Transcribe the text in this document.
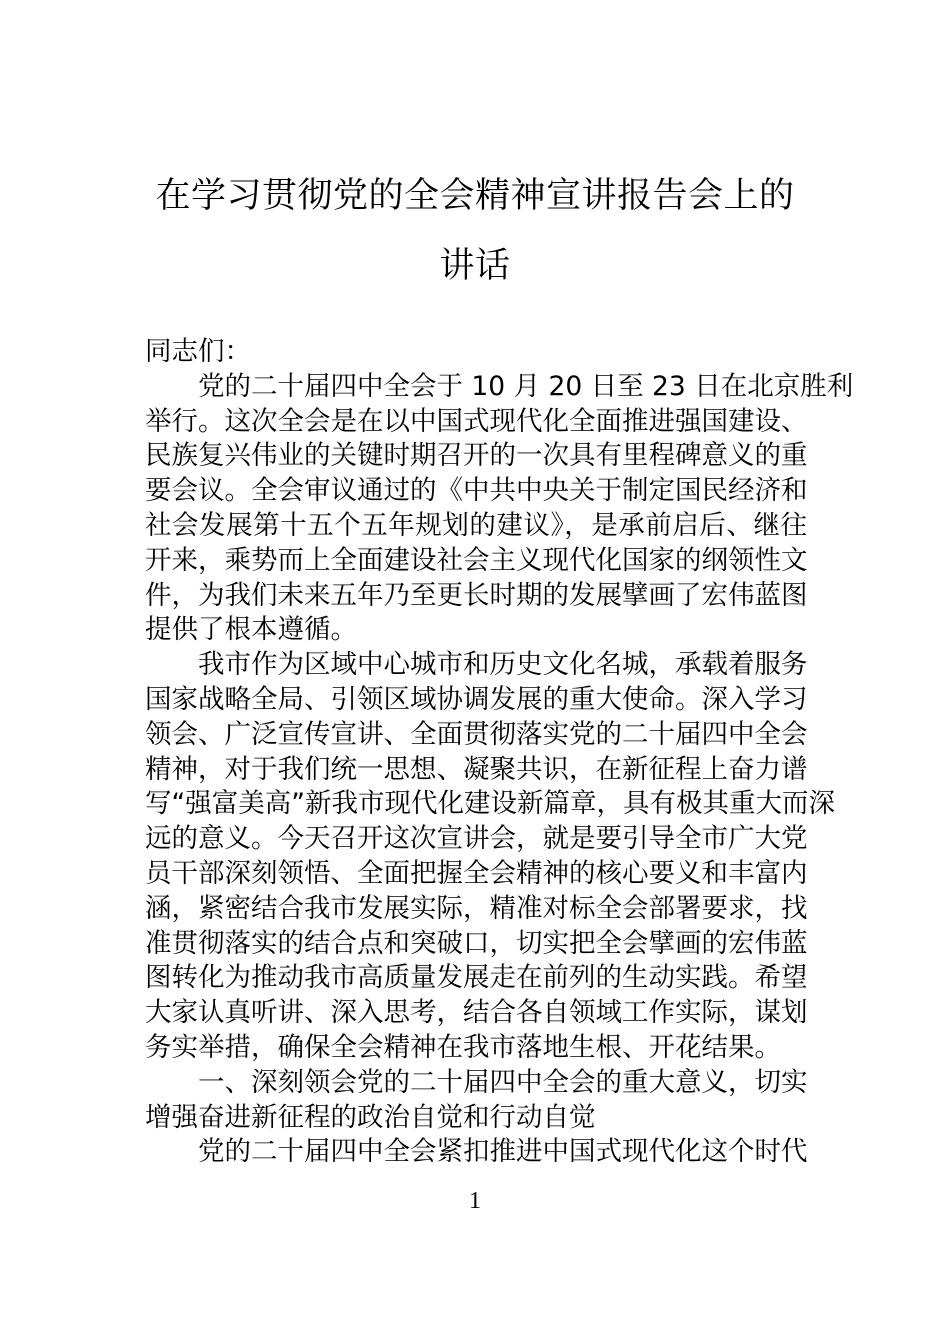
在学习贯彻党的全会精神宣讲报告会上的
讲话
同志们：
党的二十届四中全会于 10 月 20 日至 23 日在北京胜利
举行。这次全会是在以中国式现代化全面推进强国建设、
民族复兴伟业的关键时期召开的一次具有里程碑意义的重
要会议。全会审议通过的《中共中央关于制定国民经济和
社会发展第十五个五年规划的建议》，是承前启后、继往
开来，乘势而上全面建设社会主义现代化国家的纲领性文
件，为我们未来五年乃至更长时期的发展擘画了宏伟蓝图
提供了根本遵循。
我市作为区域中心城市和历史文化名城，承载着服务
国家战略全局、引领区域协调发展的重大使命。深入学习
领会、广泛宣传宣讲、全面贯彻落实党的二十届四中全会
精神，对于我们统一思想、凝聚共识，在新征程上奋力谱
写“强富美高”新我市现代化建设新篇章，具有极其重大而深
远的意义。今天召开这次宣讲会，就是要引导全市广大党
员干部深刻领悟、全面把握全会精神的核心要义和丰富内
涵，紧密结合我市发展实际，精准对标全会部署要求，找
准贯彻落实的结合点和突破口，切实把全会擘画的宏伟蓝
图转化为推动我市高质量发展走在前列的生动实践。希望
大家认真听讲、深入思考，结合各自领域工作实际，谋划
务实举措，确保全会精神在我市落地生根、开花结果。
一、深刻领会党的二十届四中全会的重大意义，切实
增强奋进新征程的政治自觉和行动自觉
党的二十届四中全会紧扣推进中国式现代化这个时代
1
